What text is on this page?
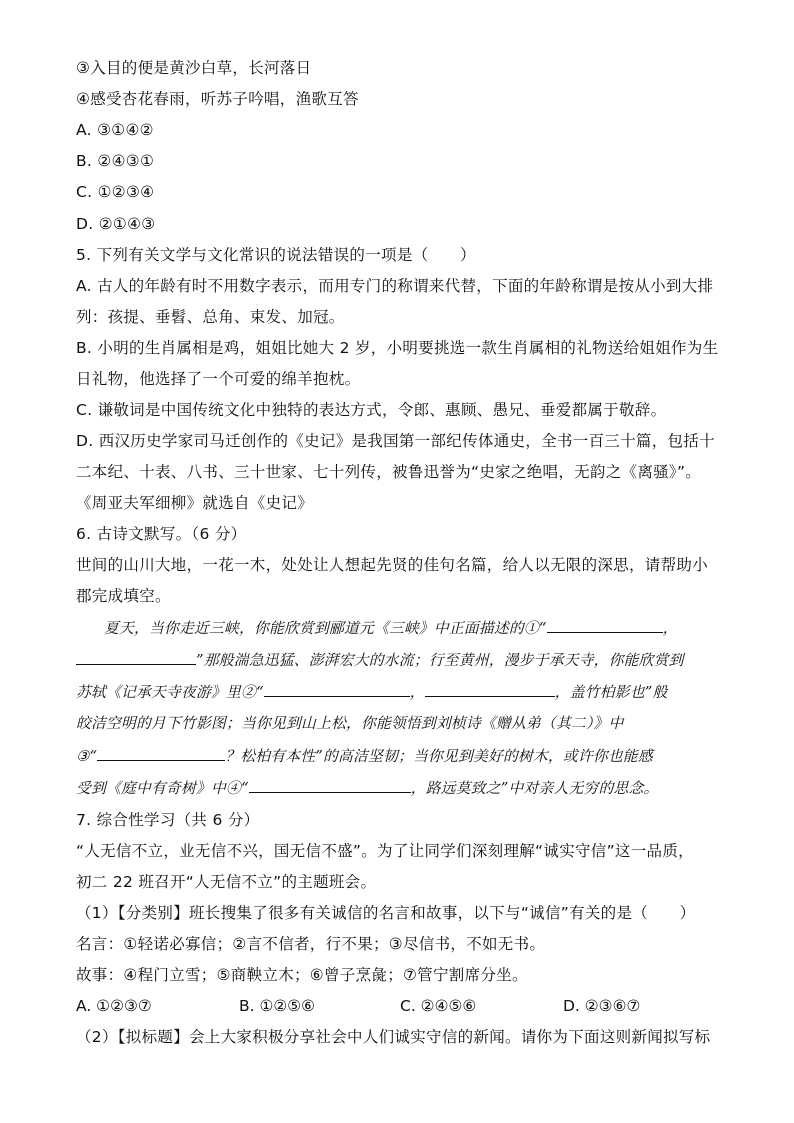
③入目的便是黄沙白草，长河落日
④感受杏花春雨，听苏子吟唱，渔歌互答
A. ③①④②
B. ②④③①
C. ①②③④
D. ②①④③
5. 下列有关文学与文化常识的说法错误的一项是（　　）
A. 古人的年龄有时不用数字表示，而用专门的称谓来代替，下面的年龄称谓是按从小到大排
列：孩提、垂髫、总角、束发、加冠。
B. 小明的生肖属相是鸡，姐姐比她大 2 岁，小明要挑选一款生肖属相的礼物送给姐姐作为生
日礼物，他选择了一个可爱的绵羊抱枕。
C. 谦敬词是中国传统文化中独特的表达方式，令郎、惠顾、愚兄、垂爱都属于敬辞。
D. 西汉历史学家司马迁创作的《史记》是我国第一部纪传体通史，全书一百三十篇，包括十
二本纪、十表、八书、三十世家、七十列传，被鲁迅誉为“史家之绝唱，无韵之《离骚》”。
《周亚夫军细柳》就选自《史记》
6. 古诗文默写。（6 分）
世间的山川大地，一花一木，处处让人想起先贤的佳句名篇，给人以无限的深思，请帮助小
郡完成填空。
夏天，当你走近三峡，你能欣赏到郦道元《三峡》中正面描述的①“	，
”那般湍急迅猛、澎湃宏大的水流；行至黄州，漫步于承天寺，你能欣赏到
苏轼《记承天寺夜游》里②“	，	，盖竹柏影也”般
皎洁空明的月下竹影图；当你见到山上松，你能领悟到刘桢诗《赠从弟（其二）》中
③“	？松柏有本性”的高洁坚韧；当你见到美好的树木，或许你也能感
受到《庭中有奇树》中④“	，路远莫致之”中对亲人无穷的思念。
7. 综合性学习（共 6 分）
“人无信不立，业无信不兴，国无信不盛”。为了让同学们深刻理解“诚实守信”这一品质，
初二 22 班召开“人无信不立”的主题班会。
（1）【分类别】班长搜集了很多有关诚信的名言和故事，以下与“诚信”有关的是（　　）
名言：①轻诺必寡信；②言不信者，行不果；③尽信书，不如无书。
故事：④程门立雪；⑤商鞅立木；⑥曾子烹彘；⑦管宁割席分坐。
A. ①②③⑦	B. ①②⑤⑥	C. ②④⑤⑥	D. ②③⑥⑦
（2）【拟标题】会上大家积极分享社会中人们诚实守信的新闻。请你为下面这则新闻拟写标
